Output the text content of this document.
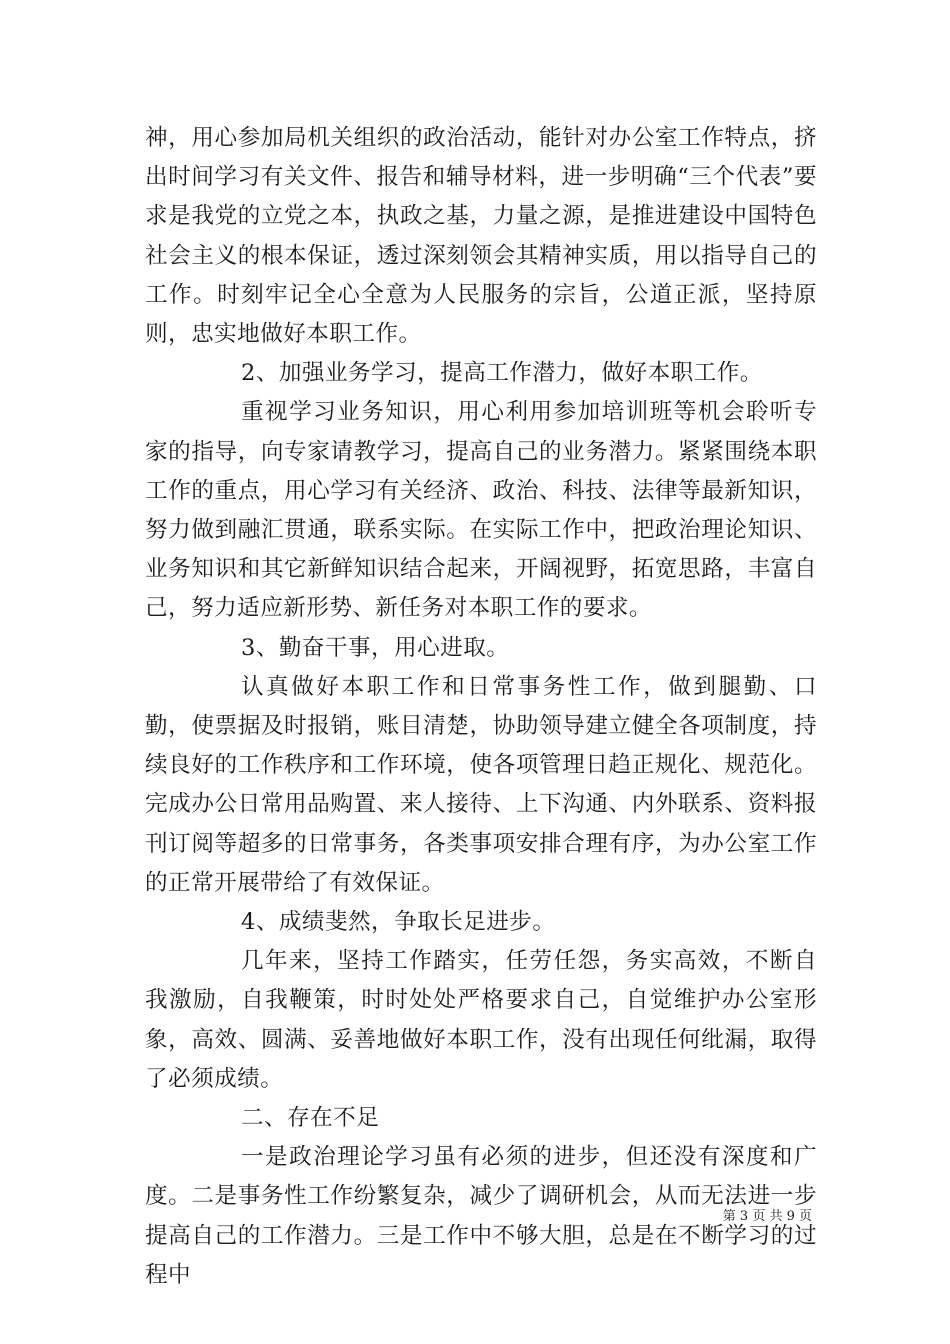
神，用心参加局机关组织的政治活动，能针对办公室工作特点，挤出时间学习有关文件、报告和辅导材料，进一步明确“三个代表”要求是我党的立党之本，执政之基，力量之源，是推进建设中国特色社会主义的根本保证，透过深刻领会其精神实质，用以指导自己的工作。时刻牢记全心全意为人民服务的宗旨，公道正派，坚持原则，忠实地做好本职工作。

2、加强业务学习，提高工作潜力，做好本职工作。

重视学习业务知识，用心利用参加培训班等机会聆听专家的指导，向专家请教学习，提高自己的业务潜力。紧紧围绕本职工作的重点，用心学习有关经济、政治、科技、法律等最新知识，努力做到融汇贯通，联系实际。在实际工作中，把政治理论知识、业务知识和其它新鲜知识结合起来，开阔视野，拓宽思路，丰富自己，努力适应新形势、新任务对本职工作的要求。

3、勤奋干事，用心进取。

认真做好本职工作和日常事务性工作，做到腿勤、口勤，使票据及时报销，账目清楚，协助领导建立健全各项制度，持续良好的工作秩序和工作环境，使各项管理日趋正规化、规范化。完成办公日常用品购置、来人接待、上下沟通、内外联系、资料报刊订阅等超多的日常事务，各类事项安排合理有序，为办公室工作的正常开展带给了有效保证。

4、成绩斐然，争取长足进步。

几年来，坚持工作踏实，任劳任怨，务实高效，不断自我激励，自我鞭策，时时处处严格要求自己，自觉维护办公室形象，高效、圆满、妥善地做好本职工作，没有出现任何纰漏，取得了必须成绩。

二、存在不足

一是政治理论学习虽有必须的进步，但还没有深度和广度。二是事务性工作纷繁复杂，减少了调研机会，从而无法进一步提高自己的工作潜力。三是工作中不够大胆，总是在不断学习的过程中

第 3 页 共 9 页
